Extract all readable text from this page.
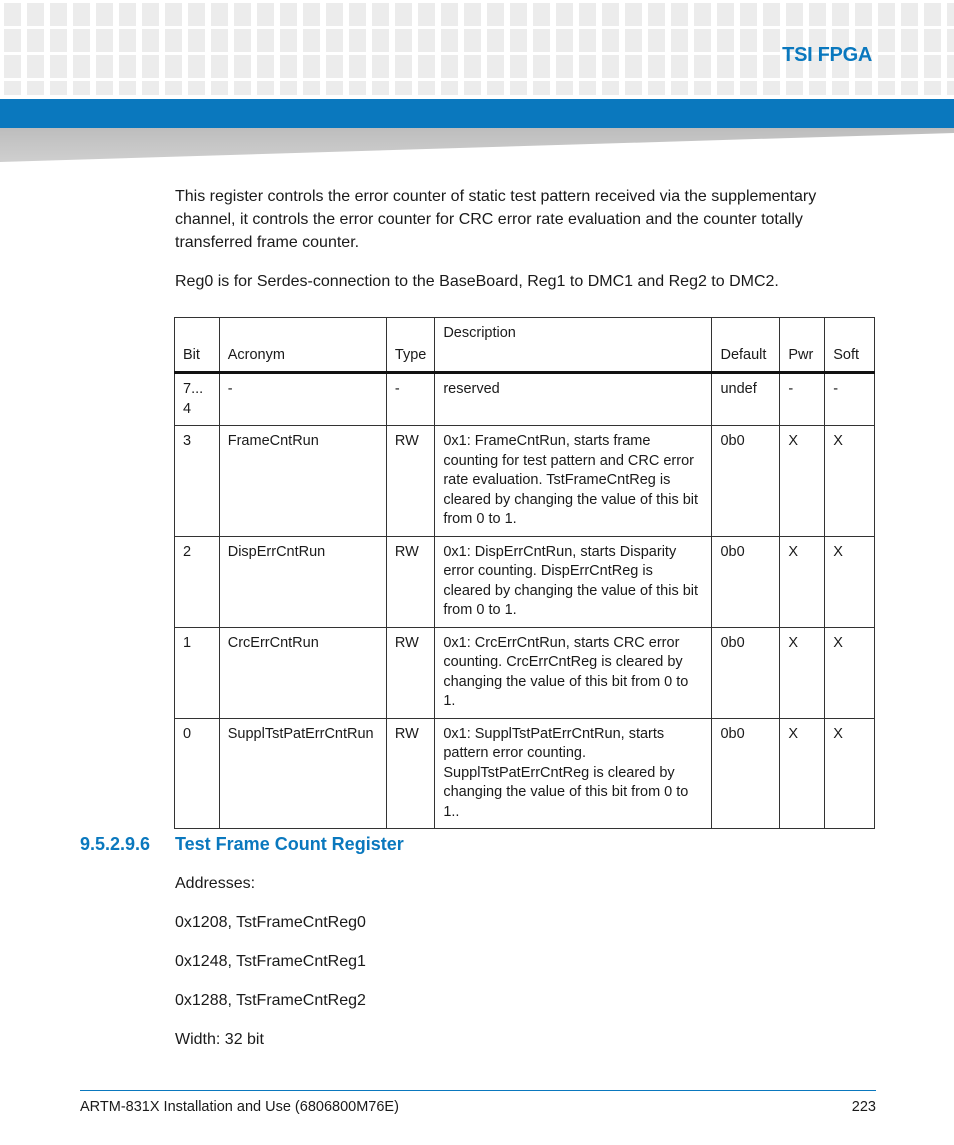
TSI FPGA

This register controls the error counter of static test pattern received via the supplementary channel, it controls the error counter for CRC error rate evaluation and the counter totally transferred frame counter.

Reg0 is for Serdes-connection to the BaseBoard, Reg1 to DMC1 and Reg2 to DMC2.

Bit	Acronym	Type	Description	Default	Pwr	Soft
7... 4	-	-	reserved	undef	-	-
3	FrameCntRun	RW	0x1: FrameCntRun, starts frame counting for test pattern and CRC error rate evaluation. TstFrameCntReg is cleared by changing the value of this bit from 0 to 1.	0b0	X	X
2	DispErrCntRun	RW	0x1: DispErrCntRun, starts Disparity error counting. DispErrCntReg is cleared by changing the value of this bit from 0 to 1.	0b0	X	X
1	CrcErrCntRun	RW	0x1: CrcErrCntRun, starts CRC error counting. CrcErrCntReg is cleared by changing the value of this bit from 0 to 1.	0b0	X	X
0	SupplTstPatErrCntRun	RW	0x1: SupplTstPatErrCntRun, starts pattern error counting. SupplTstPatErrCntReg is cleared by changing the value of this bit from 0 to 1..	0b0	X	X
9.5.2.9.6 Test Frame Count Register

Addresses:

0x1208, TstFrameCntReg0

0x1248, TstFrameCntReg1

0x1288, TstFrameCntReg2

Width: 32 bit

ARTM-831X Installation and Use (6806800M76E)	223
